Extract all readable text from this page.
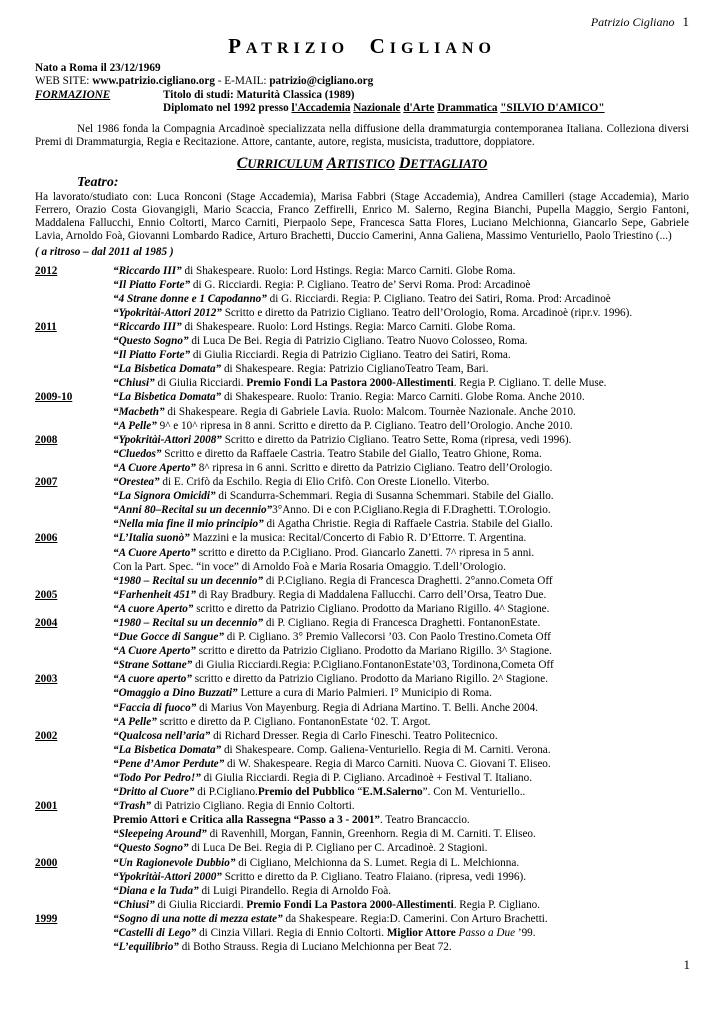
Patrizio Cigliano 1
PATRIZIO CIGLIANO
Nato a Roma il 23/12/1969
WEB SITE: www.patrizio.cigliano.org - E-MAIL: patrizio@cigliano.org
FORMAZIONE	Titolo di studi: Maturità Classica (1989)
Diplomato nel 1992 presso l'Accademia Nazionale d'Arte Drammatica "SILVIO D'AMICO"
Nel 1986 fonda la Compagnia Arcadinoè specializzata nella diffusione della drammaturgia contemporanea Italiana. Colleziona diversi Premi di Drammaturgia, Regia e Recitazione. Attore, cantante, autore, regista, musicista, traduttore, doppiatore.
CURRICULUM ARTISTICO DETTAGLIATO
Teatro:
Ha lavorato/studiato con: Luca Ronconi (Stage Accademia), Marisa Fabbri (Stage Accademia), Andrea Camilleri (stage Accademia), Mario Ferrero, Orazio Costa Giovangigli, Mario Scaccia, Franco Zeffirelli, Enrico M. Salerno, Regina Bianchi, Pupella Maggio, Sergio Fantoni, Maddalena Fallucchi, Ennio Coltorti, Marco Carniti, Pierpaolo Sepe, Francesca Satta Flores, Luciano Melchionna, Giancarlo Sepe, Gabriele Lavia, Arnoldo Foà, Giovanni Lombardo Radice, Arturo Brachetti, Duccio Camerini, Anna Galiena, Massimo Venturiello, Paolo Triestino (...)
( a ritroso – dal 2011 al 1985 )
2012	“Riccardo III” di Shakespeare. Ruolo: Lord Hstings. Regia: Marco Carniti. Globe Roma.
“Il Piatto Forte” di G. Ricciardi. Regia: P. Cigliano. Teatro de’ Servi Roma. Prod: Arcadinoè
“4 Strane donne e 1 Capodanno” di G. Ricciardi. Regia: P. Cigliano. Teatro dei Satiri, Roma. Prod: Arcadinoè
“Ypokritài-Attori 2012” Scritto e diretto da Patrizio Cigliano. Teatro dell’Orologio, Roma. Arcadinoè (ripr.v. 1996).
2011	“Riccardo III” di Shakespeare. Ruolo: Lord Hstings. Regia: Marco Carniti. Globe Roma.
“Questo Sogno” di Luca De Bei. Regia di Patrizio Cigliano. Teatro Nuovo Colosseo, Roma.
“Il Piatto Forte” di Giulia Ricciardi. Regia di Patrizio Cigliano. Teatro dei Satiri, Roma.
“La Bisbetica Domata” di Shakespeare. Regia: Patrizio CiglianoTeatro Team, Bari.
“Chiusi” di Giulia Ricciardi. Premio Fondi La Pastora 2000-Allestimenti. Regia P. Cigliano. T. delle Muse.
2009-10	“La Bisbetica Domata” di Shakespeare. Ruolo: Tranio. Regia: Marco Carniti. Globe Roma. Anche 2010.
“Macbeth” di Shakespeare. Regia di Gabriele Lavia. Ruolo: Malcom. Tournèe Nazionale. Anche 2010.
“A Pelle” 9^ e 10^ ripresa in 8 anni. Scritto e diretto da P. Cigliano. Teatro dell’Orologio. Anche 2010.
2008	“Ypokritài-Attori 2008” Scritto e diretto da Patrizio Cigliano. Teatro Sette, Roma (ripresa, vedi 1996).
“Cluedos” Scritto e diretto da Raffaele Castria. Teatro Stabile del Giallo, Teatro Ghione, Roma.
“A Cuore Aperto” 8^ ripresa in 6 anni. Scritto e diretto da Patrizio Cigliano. Teatro dell’Orologio.
2007	“Orestea” di E. Crifò da Eschilo. Regia di Elio Crifò. Con Oreste Lionello. Viterbo.
“La Signora Omicidi” di Scandurra-Schemmari. Regia di Susanna Schemmari. Stabile del Giallo.
“Anni 80–Recital su un decennio”3°Anno. Di e con P.Cigliano.Regia di F.Draghetti. T.Orologio.
“Nella mia fine il mio principio” di Agatha Christie. Regia di Raffaele Castria. Stabile del Giallo.
2006	“L’Italia suonò” Mazzini e la musica: Recital/Concerto di Fabio R. D’Ettorre. T. Argentina.
“A Cuore Aperto” scritto e diretto da P.Cigliano. Prod. Giancarlo Zanetti. 7^ ripresa in 5 anni.
Con la Part. Spec. “in voce” di Arnoldo Foà e Maria Rosaria Omaggio. T.dell’Orologio.
“1980 – Recital su un decennio” di P.Cigliano. Regia di Francesca Draghetti. 2°anno.Cometa Off
2005	“Farhenheit 451” di Ray Bradbury. Regia di Maddalena Fallucchi. Carro dell’Orsa, Teatro Due.
“A cuore Aperto” scritto e diretto da Patrizio Cigliano. Prodotto da Mariano Rigillo. 4^ Stagione.
2004	“1980 – Recital su un decennio” di P. Cigliano. Regia di Francesca Draghetti. FontanonEstate.
“Due Gocce di Sangue” di P. Cigliano. 3° Premio Vallecorsi ’03. Con Paolo Trestino.Cometa Off
“A Cuore Aperto” scritto e diretto da Patrizio Cigliano. Prodotto da Mariano Rigillo. 3^ Stagione.
“Strane Sottane” di Giulia Ricciardi.Regia: P.Cigliano.FontanonEstate’03, Tordinona,Cometa Off
2003	“A cuore aperto” scritto e diretto da Patrizio Cigliano. Prodotto da Mariano Rigillo. 2^ Stagione.
“Omaggio a Dino Buzzati” Letture a cura di Mario Palmieri. I° Municipio di Roma.
“Faccia di fuoco” di Marius Von Mayenburg. Regia di Adriana Martino. T. Belli. Anche 2004.
“A Pelle” scritto e diretto da P. Cigliano. FontanonEstate ‘02. T. Argot.
2002	“Qualcosa nell’aria” di Richard Dresser. Regia di Carlo Fineschi. Teatro Politecnico.
“La Bisbetica Domata” di Shakespeare. Comp. Galiena-Venturiello. Regia di M. Carniti. Verona.
“Pene d’Amor Perdute” di W. Shakespeare. Regia di Marco Carniti. Nuova C. Giovani T. Eliseo.
“Todo Por Pedro!” di Giulia Ricciardi. Regia di P. Cigliano. Arcadinoè + Festival T. Italiano.
“Dritto al Cuore” di P.Cigliano.Premio del Pubblico “E.M.Salerno”. Con M. Venturiello..
2001	“Trash” di Patrizio Cigliano. Regia di Ennio Coltorti.
Premio Attori e Critica alla Rassegna “Passo a 3 - 2001”. Teatro Brancaccio.
“Sleepeing Around” di Ravenhill, Morgan, Fannin, Greenhorn. Regia di M. Carniti. T. Eliseo.
“Questo Sogno” di Luca De Bei. Regia di P. Cigliano per C. Arcadinoè. 2 Stagioni.
2000	“Un Ragionevole Dubbio” di Cigliano, Melchionna da S. Lumet. Regia di L. Melchionna.
“Ypokritài-Attori 2000” Scritto e diretto da P. Cigliano. Teatro Flaiano. (ripresa, vedi 1996).
“Diana e la Tuda” di Luigi Pirandello. Regia di Arnoldo Foà.
“Chiusi” di Giulia Ricciardi. Premio Fondi La Pastora 2000-Allestimenti. Regia P. Cigliano.
1999	“Sogno di una notte di mezza estate” da Shakespeare. Regia:D. Camerini. Con Arturo Brachetti.
“Castelli di Lego” di Cinzia Villari. Regia di Ennio Coltorti. Miglior Attore Passo a Due ’99.
“L’equilibrio” di Botho Strauss. Regia di Luciano Melchionna per Beat 72.
1
